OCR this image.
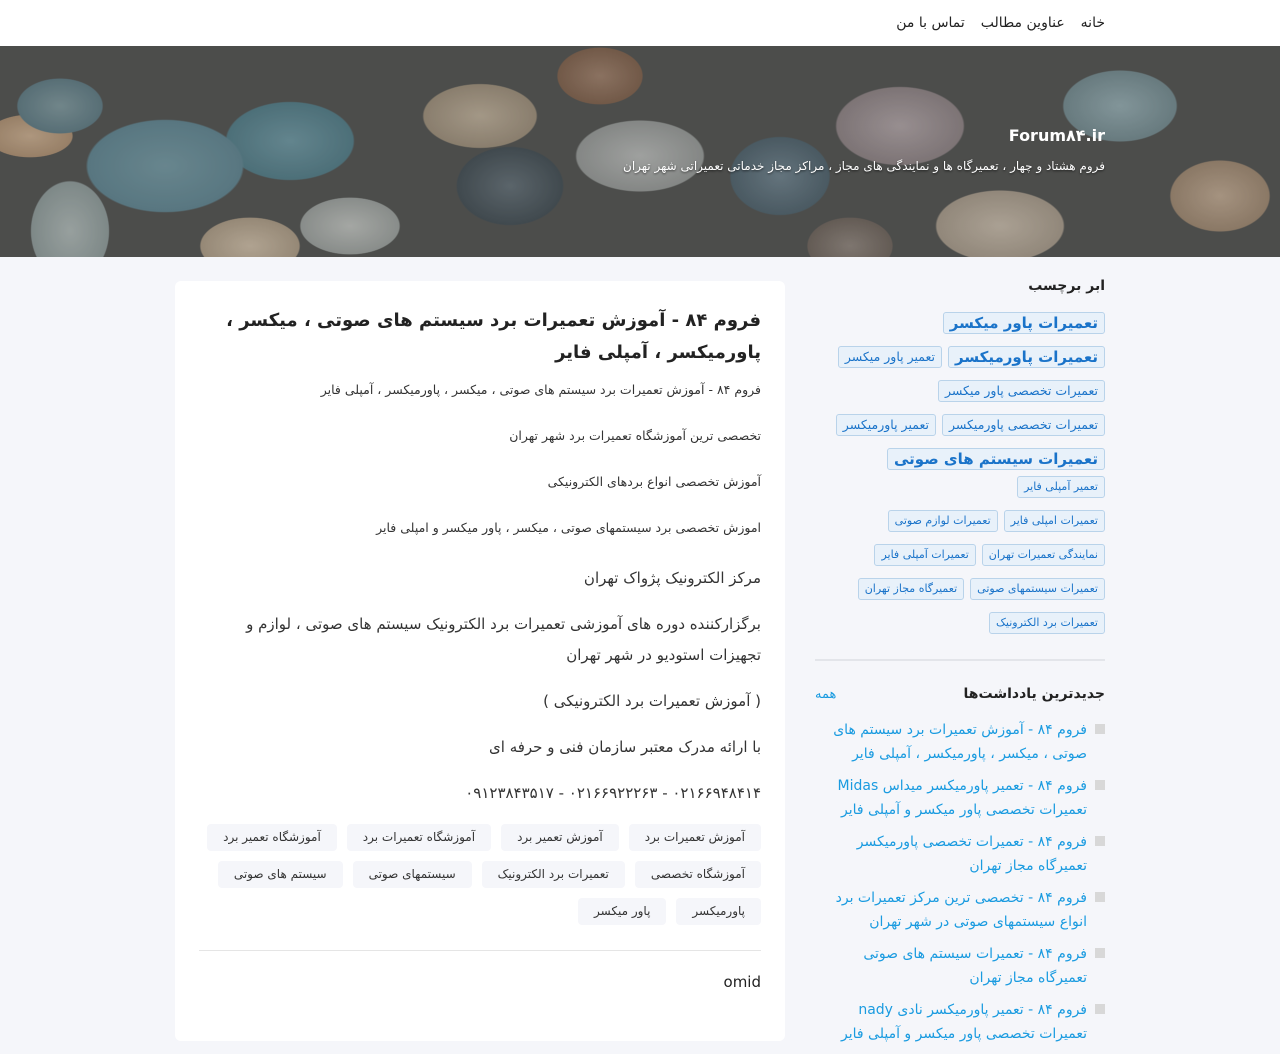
خانه
عناوین مطالب
تماس با من
Forum۸۴.ir
فروم هشتاد و چهار ، تعمیرگاه ها و نمایندگی های مجاز ، مراکز مجاز خدماتی تعمیراتی شهر تهران
فروم ۸۴ - آموزش تعمیرات برد سیستم های صوتی ، میکسر ، پاورمیکسر ، آمپلی فایر

فروم ۸۴ - آموزش تعمیرات برد سیستم های صوتی ، میکسر ، پاورمیکسر ، آمپلی فایر

تخصصی ترین آموزشگاه تعمیرات برد شهر تهران

آموزش تخصصی انواع بردهای الکترونیکی

اموزش تخصصی برد سیستمهای صوتی ، میکسر ، پاور میکسر و امپلی فایر

مرکز الکترونیک پژواک تهران

برگزارکننده دوره های آموزشی تعمیرات برد الکترونیک سیستم های صوتی ، لوازم و تجهیزات استودیو در شهر تهران

( آموزش تعمیرات برد الکترونیکی )

با ارائه مدرک معتبر سازمان فنی و حرفه ای

۰۲۱۶۶۹۴۸۴۱۴ - ۰۲۱۶۶۹۲۲۲۶۳ - ۰۹۱۲۳۸۴۳۵۱۷

آموزش تعمیرات برد
آموزش تعمیر برد
آموزشگاه تعمیرات برد
آموزشگاه تعمیر برد
آموزشگاه تخصصی
تعمیرات برد الکترونیک
سیستمهای صوتی
سیستم های صوتی
پاورمیکسر
پاور میکسر
omid
ابر برچسب
تعمیرات پاور میکسر
تعمیرات پاورمیکسر
تعمیر پاور میکسر
تعمیرات تخصصی پاور میکسر
تعمیرات تخصصی پاورمیکسر
تعمیر پاورمیکسر
تعمیرات سیستم های صوتی
تعمیر آمپلی فایر
تعمیرات امپلی فایر
تعمیرات لوازم صوتی
نمایندگی تعمیرات تهران
تعمیرات آمپلی فایر
تعمیرات سیستمهای صوتی
تعمیرگاه مجاز تهران
تعمیرات برد الکترونیک
جدیدترین یادداشت‌ها
همه
فروم ۸۴ - آموزش تعمیرات برد سیستم های صوتی ، میکسر ، پاورمیکسر ، آمپلی فایر
فروم ۸۴ - تعمیر پاورمیکسر میداس Midas تعمیرات تخصصی پاور میکسر و آمپلی فایر
فروم ۸۴ - تعمیرات تخصصی پاورمیکسر تعمیرگاه مجاز تهران
فروم ۸۴ - تخصصی ترین مرکز تعمیرات برد انواع سیستمهای صوتی در شهر تهران
فروم ۸۴ - تعمیرات سیستم های صوتی تعمیرگاه مجاز تهران
فروم ۸۴ - تعمیر پاورمیکسر نادی nady تعمیرات تخصصی پاور میکسر و آمپلی فایر
